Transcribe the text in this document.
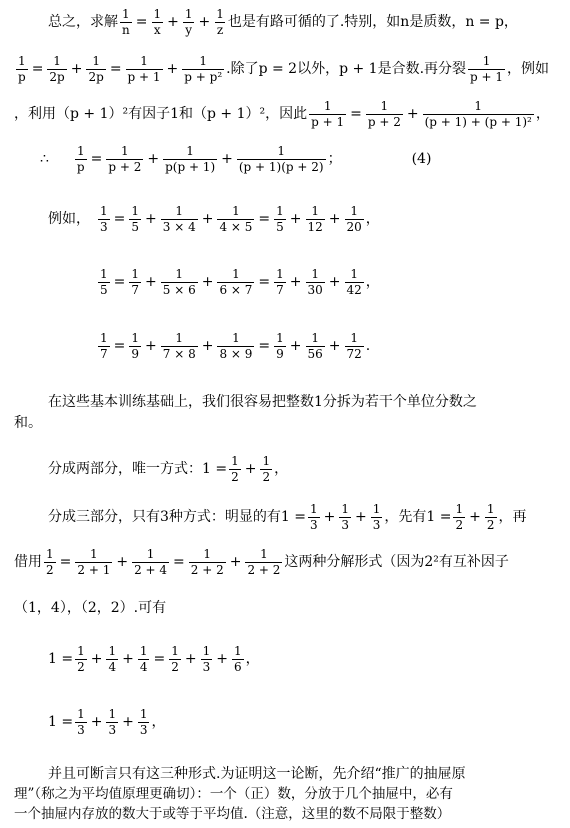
总之，求解 $\frac{1}{n} = \frac{1}{x} + \frac{1}{y} + \frac{1}{z}$ 也是有路可循的了.特别，如n是质数，n = p，
$\frac{1}{p} = \frac{1}{2p} + \frac{1}{2p} = \frac{1}{p + 1} + \frac{1}{\text{p + p²}}$ .除了p = 2以外，p + 1是合数.再分裂
1
p + 1 ，例如
，利用（p + 1）²有因子1和（p + 1）²，因此 $\frac{1}{p + 1} = \frac{1}{p + 2} + \frac{1}{\text{(p + 1) + (p + 1)²}}$ ，
∴ $\frac{1}{p} = \frac{1}{p + 2} + \frac{1}{p(p + 1)} + \frac{1}{(p + 1)(p + 2)}$ ；	(4)
例如， $\frac{1}{3} = \frac{1}{5} + \frac{1}{3 \times 4} + \frac{1}{4 \times 5} = \frac{1}{5} + \frac{1}{12} + \frac{1}{20}$ ，
$\frac{1}{5} = \frac{1}{7} + \frac{1}{5 \times 6} + \frac{1}{6 \times 7} = \frac{1}{7} + \frac{1}{30} + \frac{1}{42}$ ，
$\frac{1}{7} = \frac{1}{9} + \frac{1}{7 \times 8} + \frac{1}{8 \times 9} = \frac{1}{9} + \frac{1}{56} + \frac{1}{72}$ .
在这些基本训练基础上，我们很容易把整数1分拆为若干个单位分数之
和。
分成两部分，唯一方式：$1 = \frac{1}{2} + \frac{1}{2}$ ，
分成三部分，只有3种方式：明显的有$1 = \frac{1}{3} + \frac{1}{3} + \frac{1}{3}$ ，先有$1 = \frac{1}{2} + \frac{1}{2}$ ，再
借用 $\frac{1}{2} = \frac{1}{2 + 1} + \frac{1}{2 + 4} = \frac{1}{2 + 2} + \frac{1}{2 + 2}$ 这两种分解形式（因为2²有互补因子
（1，4），（2，2）.可有
$1 = \frac{1}{2} + \frac{1}{4} + \frac{1}{4} = \frac{1}{2} + \frac{1}{3} + \frac{1}{6}$ ，
$1 = \frac{1}{3} + \frac{1}{3} + \frac{1}{3}$ ，
并且可断言只有这三种形式.为证明这一论断，先介绍“推广的抽屉原
理”（称之为平均值原理更确切）：一个（正）数，分放于几个抽屉中，必有
一个抽屉内存放的数大于或等于平均值.（注意，这里的数不局限于整数）
